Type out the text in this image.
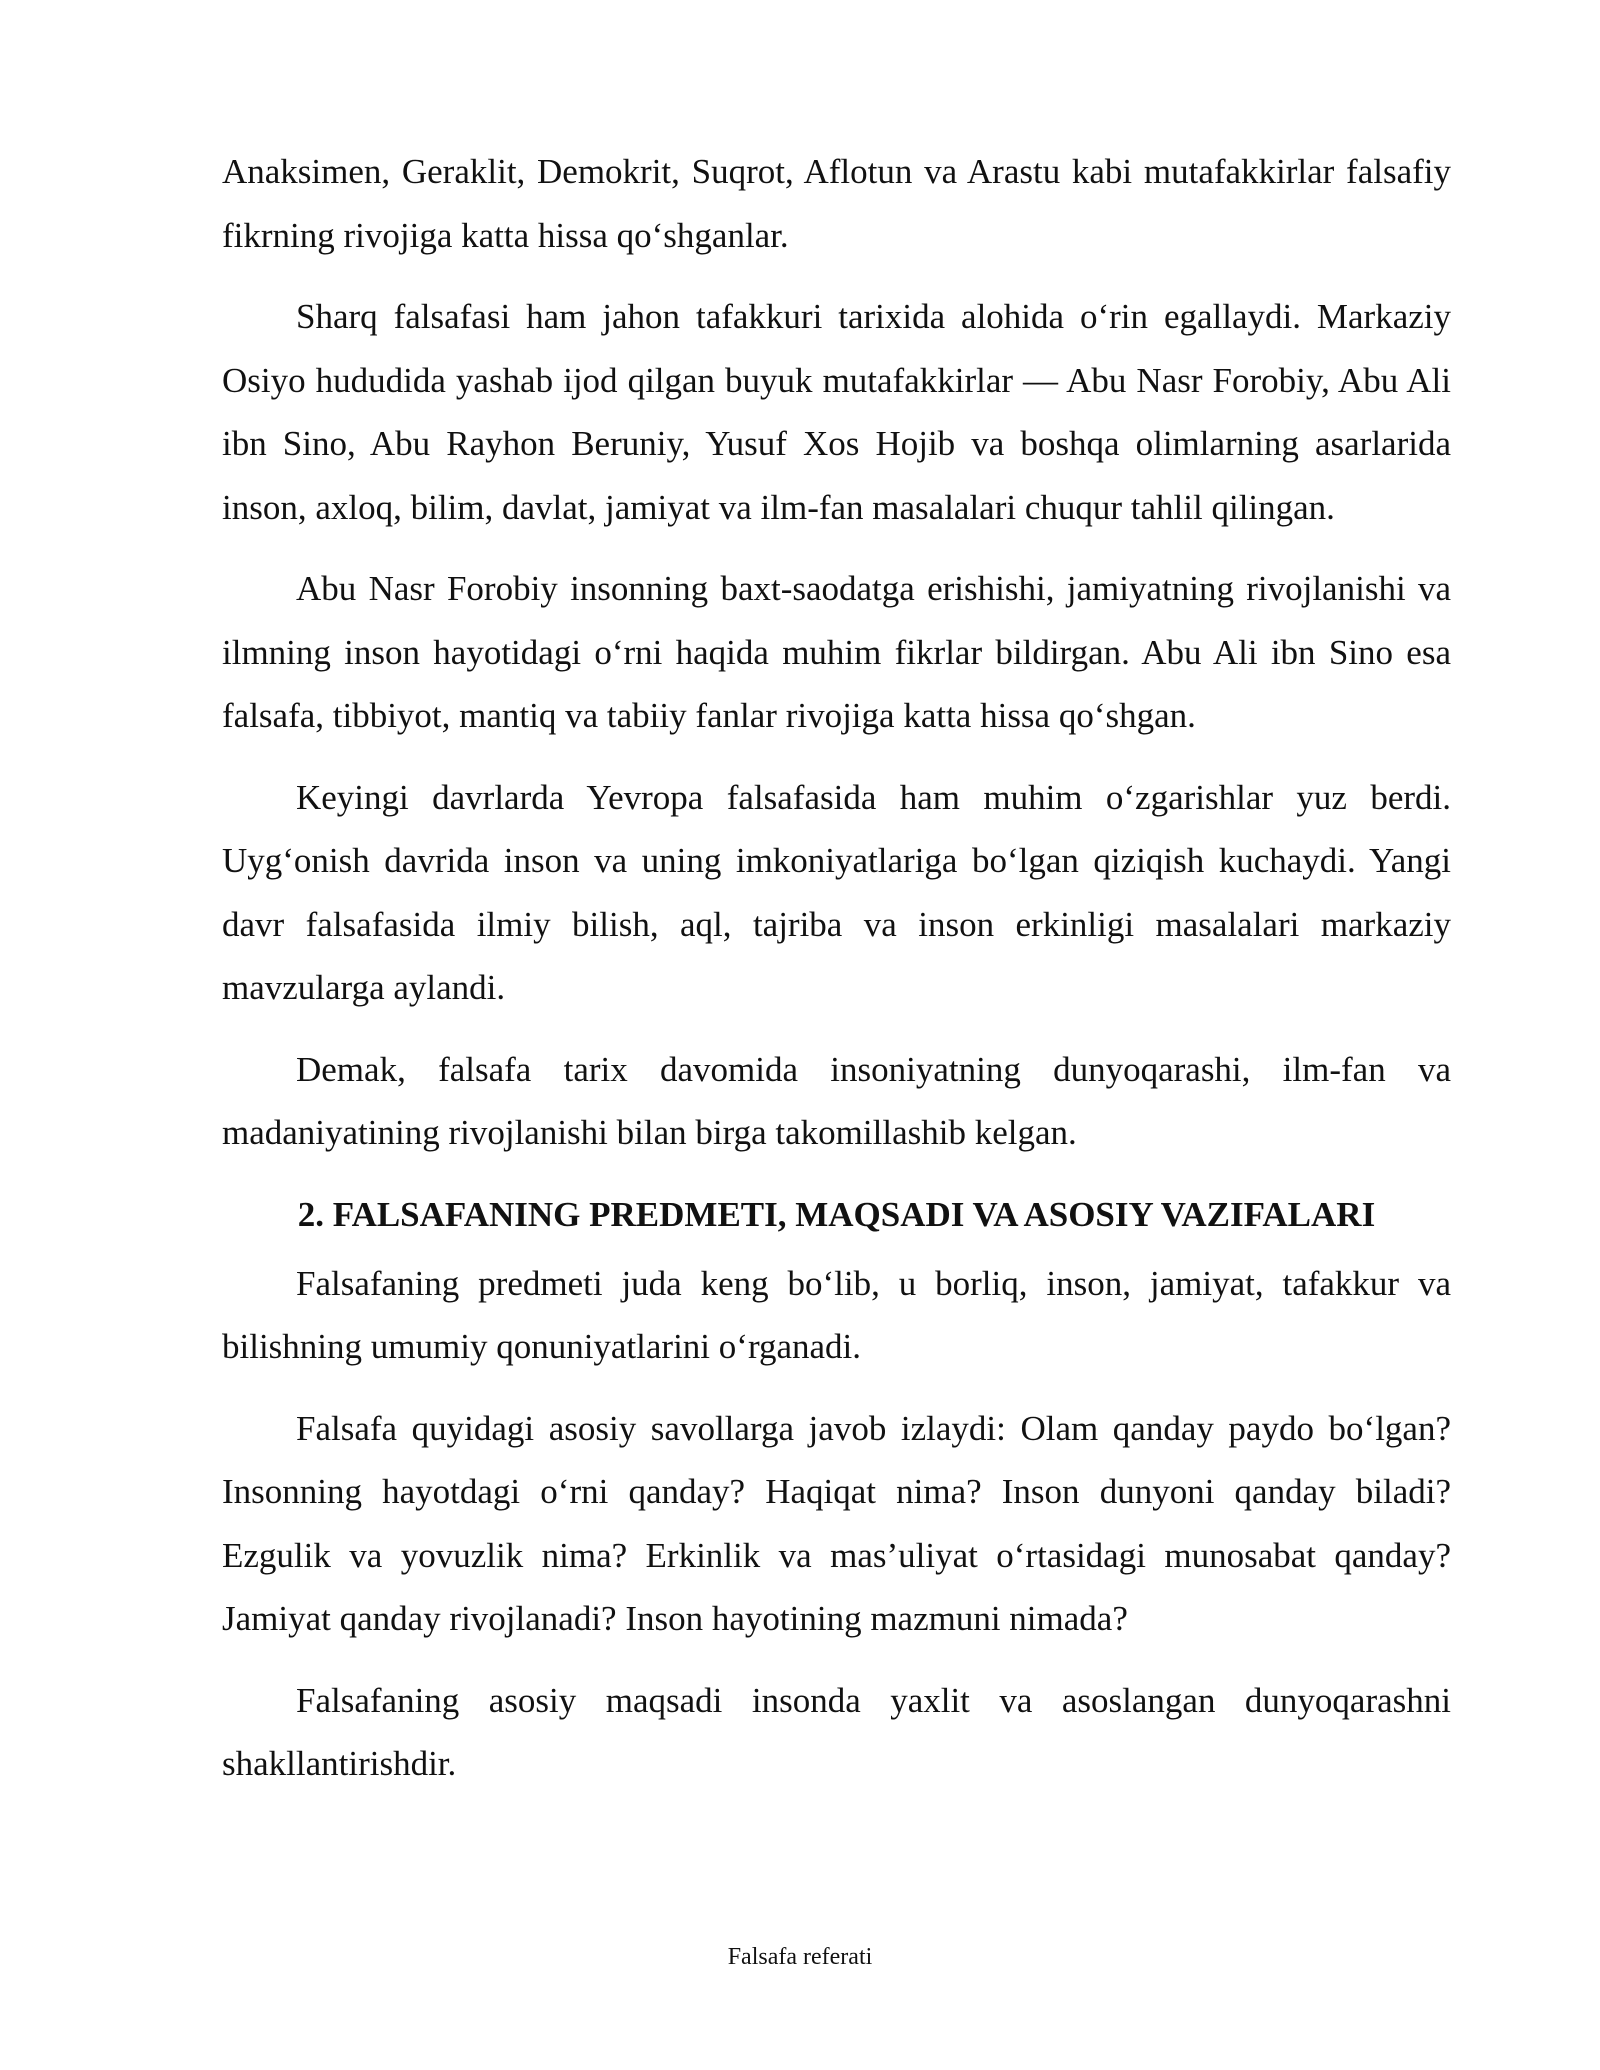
Anaksimen, Geraklit, Demokrit, Suqrot, Aflotun va Arastu kabi mutafakkirlar falsafiy fikrning rivojiga katta hissa qo‘shganlar.

Sharq falsafasi ham jahon tafakkuri tarixida alohida o‘rin egallaydi. Markaziy Osiyo hududida yashab ijod qilgan buyuk mutafakkirlar — Abu Nasr Forobiy, Abu Ali ibn Sino, Abu Rayhon Beruniy, Yusuf Xos Hojib va boshqa olimlarning asarlarida inson, axloq, bilim, davlat, jamiyat va ilm-fan masalalari chuqur tahlil qilingan.

Abu Nasr Forobiy insonning baxt-saodatga erishishi, jamiyatning rivojlanishi va ilmning inson hayotidagi o‘rni haqida muhim fikrlar bildirgan. Abu Ali ibn Sino esa falsafa, tibbiyot, mantiq va tabiiy fanlar rivojiga katta hissa qo‘shgan.

Keyingi davrlarda Yevropa falsafasida ham muhim o‘zgarishlar yuz berdi. Uyg‘onish davrida inson va uning imkoniyatlariga bo‘lgan qiziqish kuchaydi. Yangi davr falsafasida ilmiy bilish, aql, tajriba va inson erkinligi masalalari markaziy mavzularga aylandi.

Demak, falsafa tarix davomida insoniyatning dunyoqarashi, ilm-fan va madaniyatining rivojlanishi bilan birga takomillashib kelgan.

2. FALSAFANING PREDMETI, MAQSADI VA ASOSIY VAZIFALARI

Falsafaning predmeti juda keng bo‘lib, u borliq, inson, jamiyat, tafakkur va bilishning umumiy qonuniyatlarini o‘rganadi.

Falsafa quyidagi asosiy savollarga javob izlaydi: Olam qanday paydo bo‘lgan? Insonning hayotdagi o‘rni qanday? Haqiqat nima? Inson dunyoni qanday biladi? Ezgulik va yovuzlik nima? Erkinlik va mas’uliyat o‘rtasidagi munosabat qanday? Jamiyat qanday rivojlanadi? Inson hayotining mazmuni nimada?

Falsafaning asosiy maqsadi insonda yaxlit va asoslangan dunyoqarashni shakllantirishdir.

Falsafa referati
